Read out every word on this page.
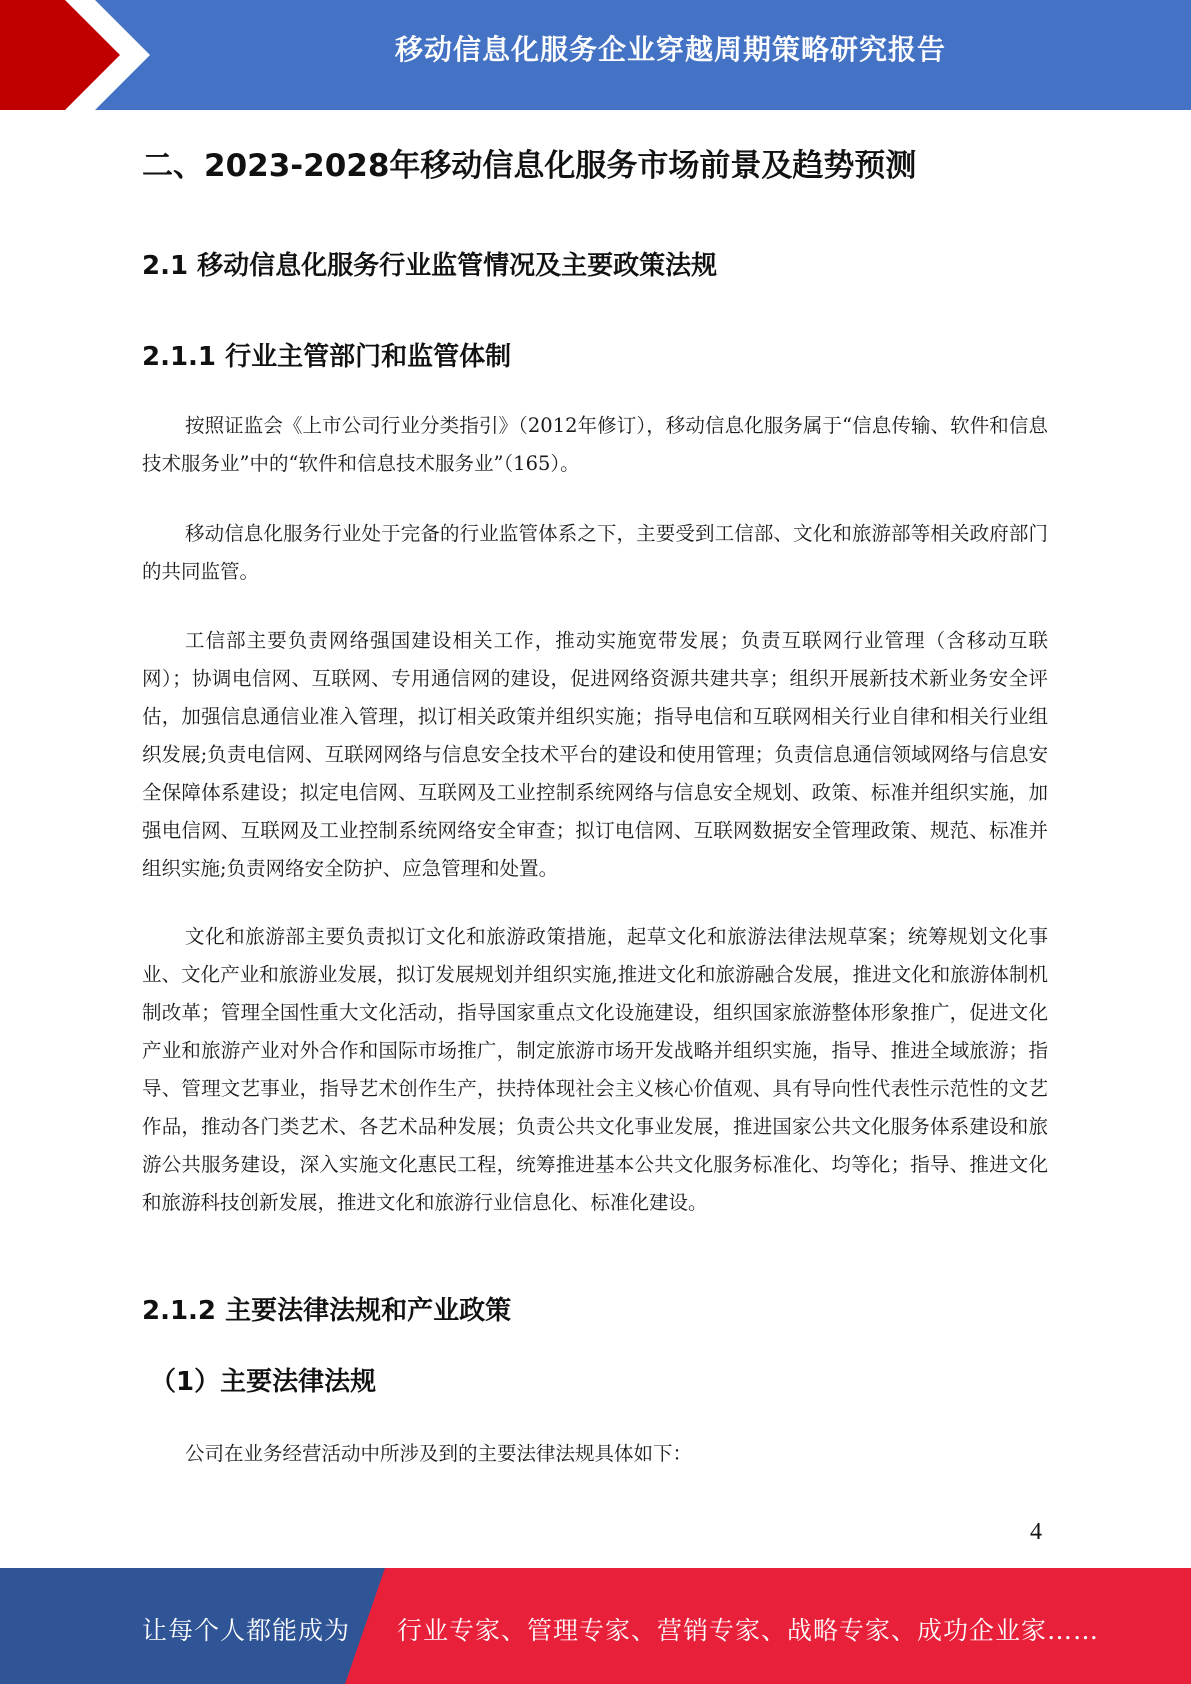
移动信息化服务企业穿越周期策略研究报告
二、2023-2028年移动信息化服务市场前景及趋势预测
2.1 移动信息化服务行业监管情况及主要政策法规
2.1.1 行业主管部门和监管体制

按照证监会《上市公司行业分类指引》（2012年修订），移动信息化服务属于“信息传输、软件和信息技术服务业”中的“软件和信息技术服务业”（165）。

移动信息化服务行业处于完备的行业监管体系之下，主要受到工信部、文化和旅游部等相关政府部门的共同监管。

工信部主要负责网络强国建设相关工作，推动实施宽带发展；负责互联网行业管理（含移动互联网）；协调电信网、互联网、专用通信网的建设，促进网络资源共建共享；组织开展新技术新业务安全评估，加强信息通信业准入管理，拟订相关政策并组织实施；指导电信和互联网相关行业自律和相关行业组织发展;负责电信网、互联网网络与信息安全技术平台的建设和使用管理；负责信息通信领域网络与信息安全保障体系建设；拟定电信网、互联网及工业控制系统网络与信息安全规划、政策、标准并组织实施，加强电信网、互联网及工业控制系统网络安全审查；拟订电信网、互联网数据安全管理政策、规范、标准并组织实施;负责网络安全防护、应急管理和处置。

文化和旅游部主要负责拟订文化和旅游政策措施，起草文化和旅游法律法规草案；统筹规划文化事业、文化产业和旅游业发展，拟订发展规划并组织实施,推进文化和旅游融合发展，推进文化和旅游体制机制改革；管理全国性重大文化活动，指导国家重点文化设施建设，组织国家旅游整体形象推广，促进文化产业和旅游产业对外合作和国际市场推广，制定旅游市场开发战略并组织实施，指导、推进全域旅游；指导、管理文艺事业，指导艺术创作生产，扶持体现社会主义核心价值观、具有导向性代表性示范性的文艺作品，推动各门类艺术、各艺术品种发展；负责公共文化事业发展，推进国家公共文化服务体系建设和旅游公共服务建设，深入实施文化惠民工程，统筹推进基本公共文化服务标准化、均等化；指导、推进文化和旅游科技创新发展，推进文化和旅游行业信息化、标准化建设。

2.1.2 主要法律法规和产业政策
（1）主要法律法规

公司在业务经营活动中所涉及到的主要法律法规具体如下：

4
让每个人都能成为 行业专家、管理专家、营销专家、战略专家、成功企业家……
